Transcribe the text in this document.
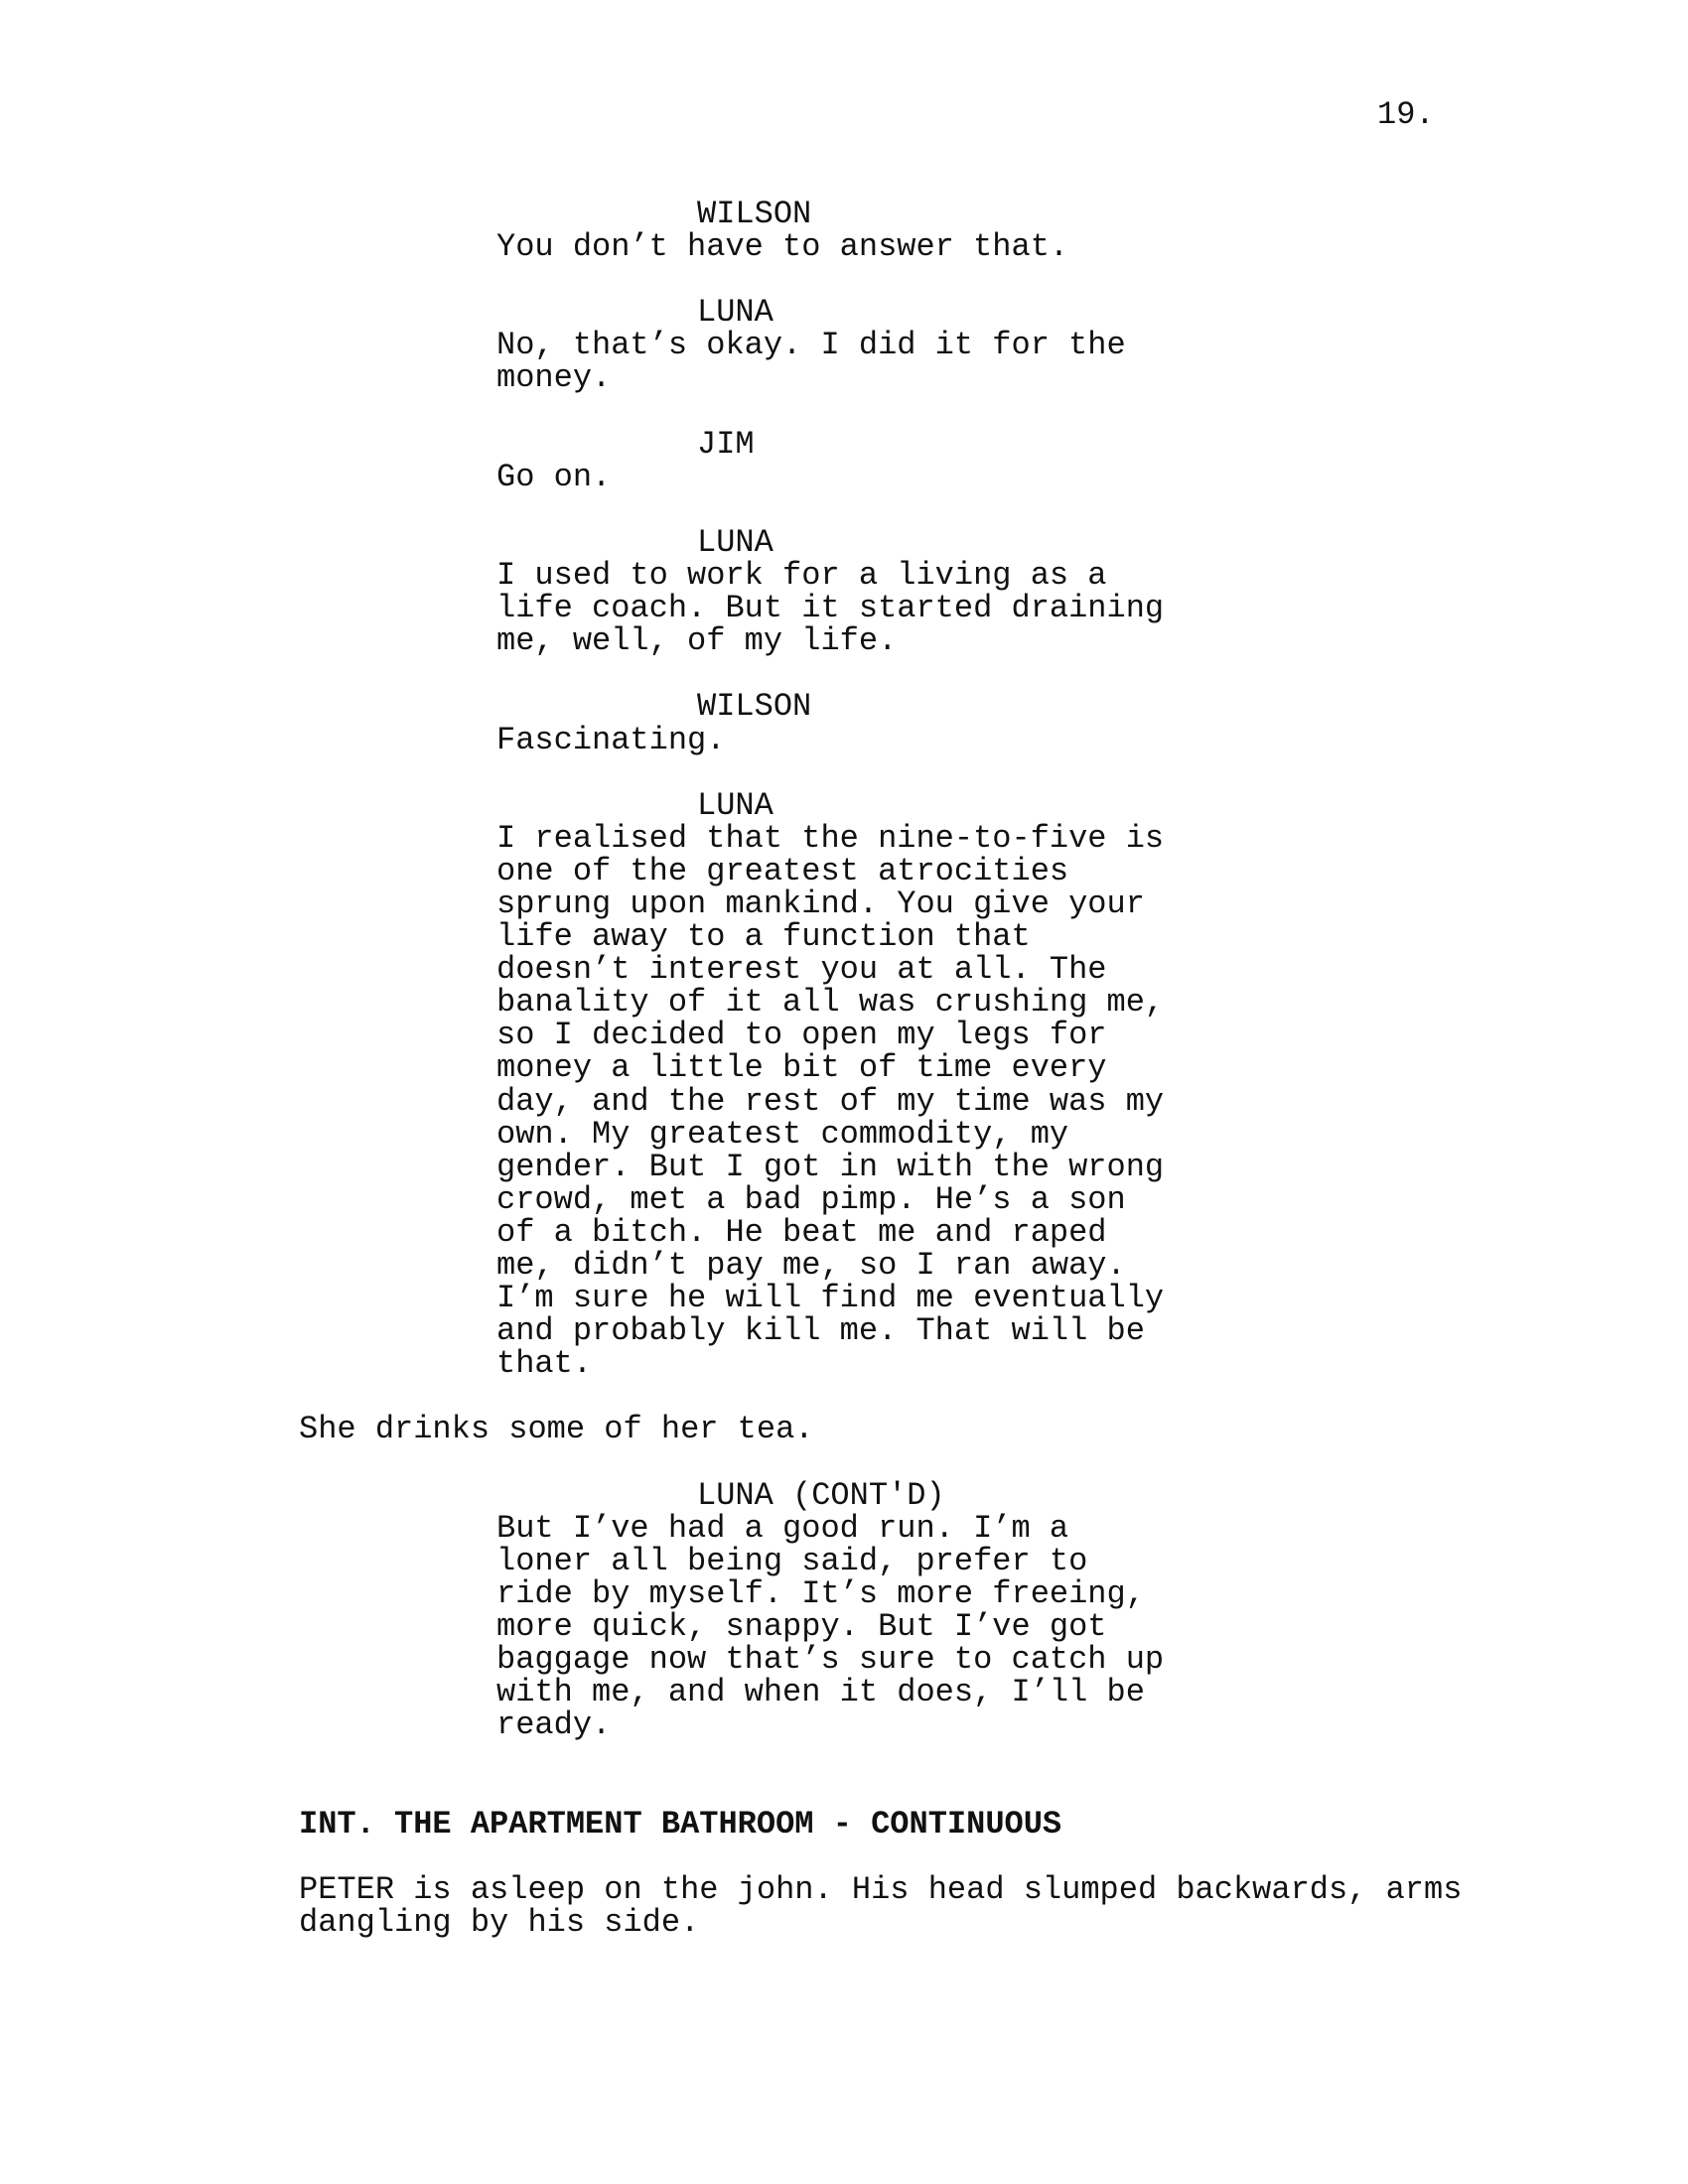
19.
WILSON
You don’t have to answer that.
LUNA
No, that’s okay. I did it for the
money.
JIM
Go on.
LUNA
I used to work for a living as a
life coach. But it started draining
me, well, of my life.
WILSON
Fascinating.
LUNA
I realised that the nine-to-five is
one of the greatest atrocities
sprung upon mankind. You give your
life away to a function that
doesn’t interest you at all. The
banality of it all was crushing me,
so I decided to open my legs for
money a little bit of time every
day, and the rest of my time was my
own. My greatest commodity, my
gender. But I got in with the wrong
crowd, met a bad pimp. He’s a son
of a bitch. He beat me and raped
me, didn’t pay me, so I ran away.
I’m sure he will find me eventually
and probably kill me. That will be
that.
She drinks some of her tea.
LUNA (CONT'D)
But I’ve had a good run. I’m a
loner all being said, prefer to
ride by myself. It’s more freeing,
more quick, snappy. But I’ve got
baggage now that’s sure to catch up
with me, and when it does, I’ll be
ready.
INT. THE APARTMENT BATHROOM - CONTINUOUS
PETER is asleep on the john. His head slumped backwards, arms
dangling by his side.
